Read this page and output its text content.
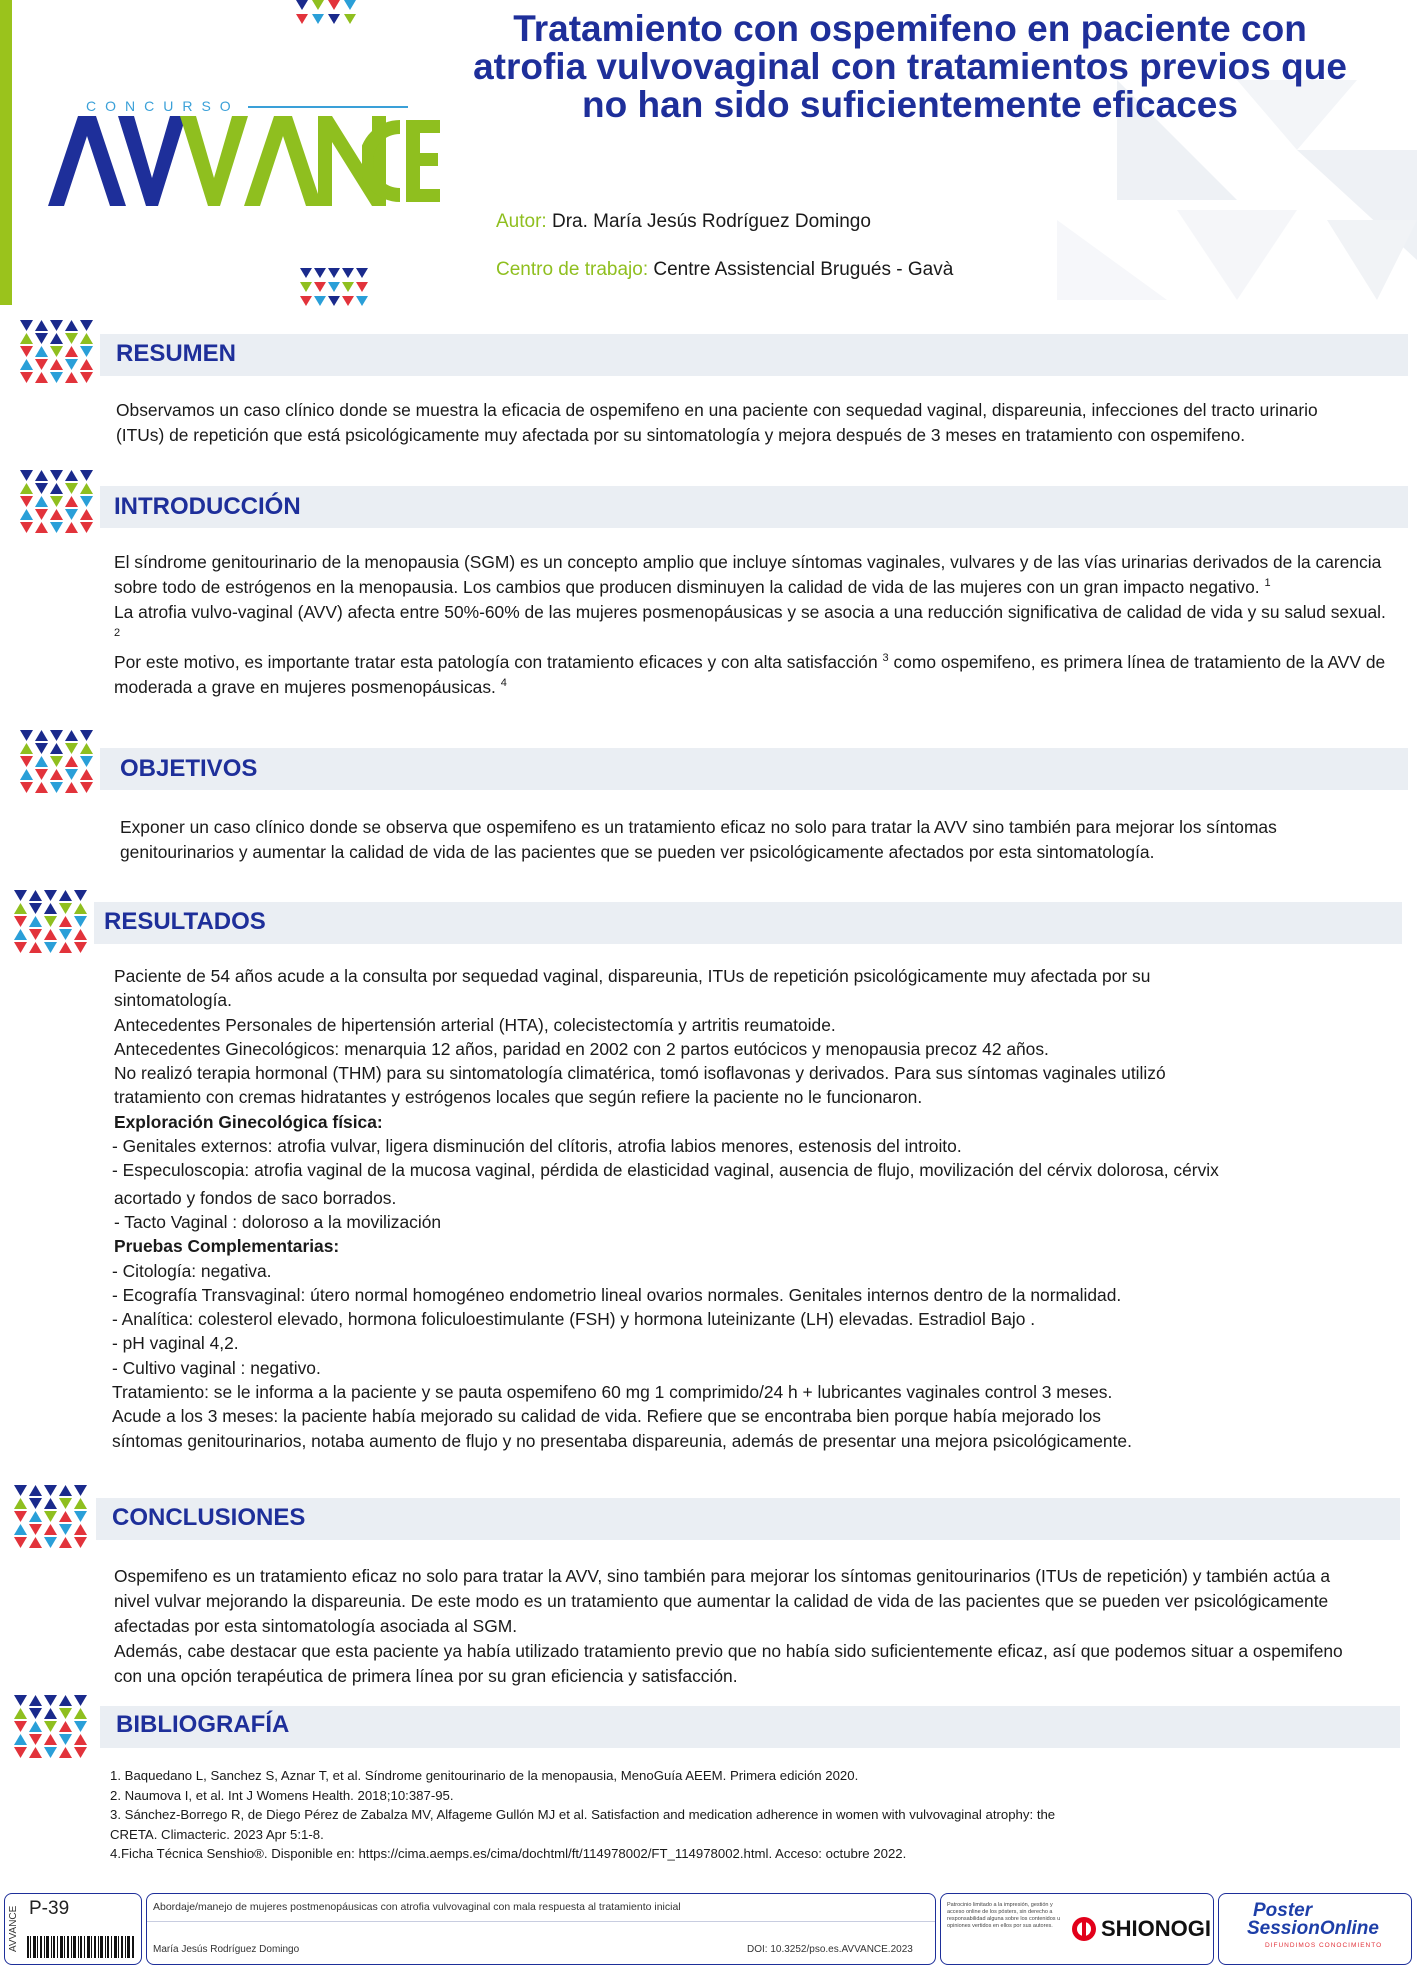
CONCURSO
Tratamiento con ospemifeno en paciente con atrofia vulvovaginal con tratamientos previos que no han sido suficientemente eficaces
Autor: Dra. María Jesús Rodríguez Domingo
Centro de trabajo: Centre Assistencial Brugués - Gavà
RESUMEN

Observamos un caso clínico donde se muestra la eficacia de ospemifeno en una paciente con sequedad vaginal, dispareunia, infecciones del tracto urinario (ITUs) de repetición que está psicológicamente muy afectada por su sintomatología y mejora después de 3 meses en tratamiento con ospemifeno.

INTRODUCCIÓN

El síndrome genitourinario de la menopausia (SGM) es un concepto amplio que incluye síntomas vaginales, vulvares y de las vías urinarias derivados de la carencia sobre todo de estrógenos en la menopausia. Los cambios que producen disminuyen la calidad de vida de las mujeres con un gran impacto negativo. $^1$

La atrofia vulvo-vaginal (AVV) afecta entre 50%-60% de las mujeres posmenopáusicas y se asocia a una reducción significativa de calidad de vida y su salud sexual. $^2$

Por este motivo, es importante tratar esta patología con tratamiento eficaces y con alta satisfacción $^3$ como ospemifeno, es primera línea de tratamiento de la AVV de moderada a grave en mujeres posmenopáusicas. $^4$

OBJETIVOS

Exponer un caso clínico donde se observa que ospemifeno es un tratamiento eficaz no solo para tratar la AVV sino también para mejorar los síntomas genitourinarios y aumentar la calidad de vida de las pacientes que se pueden ver psicológicamente afectados por esta sintomatología.

RESULTADOS

Paciente de 54 años acude a la consulta por sequedad vaginal, dispareunia, ITUs de repetición psicológicamente muy afectada por su

sintomatología.

Antecedentes Personales de hipertensión arterial (HTA), colecistectomía y artritis reumatoide.

Antecedentes Ginecológicos: menarquia 12 años, paridad en 2002 con 2 partos eutócicos y menopausia precoz 42 años.

No realizó terapia hormonal (THM) para su sintomatología climatérica, tomó isoflavonas y derivados. Para sus síntomas vaginales utilizó

tratamiento con cremas hidratantes y estrógenos locales que según refiere la paciente no le funcionaron.

Exploración Ginecológica física:

- Genitales externos: atrofia vulvar, ligera disminución del clítoris, atrofia labios menores, estenosis del introito.

- Especuloscopia: atrofia vaginal de la mucosa vaginal, pérdida de elasticidad vaginal, ausencia de flujo, movilización del cérvix dolorosa, cérvix

acortado y fondos de saco borrados.

- Tacto Vaginal : doloroso a la movilización

Pruebas Complementarias:

- Citología: negativa.

- Ecografía Transvaginal: útero normal homogéneo endometrio lineal ovarios normales. Genitales internos dentro de la normalidad.

- Analítica: colesterol elevado, hormona foliculoestimulante (FSH) y hormona luteinizante (LH) elevadas. Estradiol Bajo .

- pH vaginal 4,2.

- Cultivo vaginal : negativo.

Tratamiento: se le informa a la paciente y se pauta ospemifeno 60 mg 1 comprimido/24 h + lubricantes vaginales control 3 meses.

Acude a los 3 meses: la paciente había mejorado su calidad de vida. Refiere que se encontraba bien porque había mejorado los

síntomas genitourinarios, notaba aumento de flujo y no presentaba dispareunia, además de presentar una mejora psicológicamente.

CONCLUSIONES

Ospemifeno es un tratamiento eficaz no solo para tratar la AVV, sino también para mejorar los síntomas genitourinarios (ITUs de repetición) y también actúa a nivel vulvar mejorando la dispareunia. De este modo es un tratamiento que aumentar la calidad de vida de las pacientes que se pueden ver psicológicamente afectadas por esta sintomatología asociada al SGM.

Además, cabe destacar que esta paciente ya había utilizado tratamiento previo que no había sido suficientemente eficaz, así que podemos situar a ospemifeno con una opción terapéutica de primera línea por su gran eficiencia y satisfacción.

BIBLIOGRAFÍA

1. Baquedano L, Sanchez S, Aznar T, et al. Síndrome genitourinario de la menopausia, MenoGuía AEEM. Primera edición 2020.

2. Naumova I, et al. Int J Womens Health. 2018;10:387-95.

3. Sánchez-Borrego R, de Diego Pérez de Zabalza MV, Alfageme Gullón MJ et al. Satisfaction and medication adherence in women with vulvovaginal atrophy: the

CRETA. Climacteric. 2023 Apr 5:1-8.

4.Ficha Técnica Senshio®. Disponible en: https://cima.aemps.es/cima/dochtml/ft/114978002/FT_114978002.html. Acceso: octubre 2022.

AVVANCE P-39	Abordaje/manejo de mujeres postmenopáusicas con atrofia vulvovaginal con mala respuesta al tratamiento inicial
María Jesús Rodríguez Domingo	DOI: 10.3252/pso.es.AVVANCE.2023
Patrocinio limitado a la impresión, gestión y acceso online de los pósters, sin derecho a responsabilidad alguna sobre los contenidos u opiniones vertidos en ellos por sus autores.	SHIONOGI
Poster
SessionOnline
DIFUNDIMOS CONOCIMIENTO
